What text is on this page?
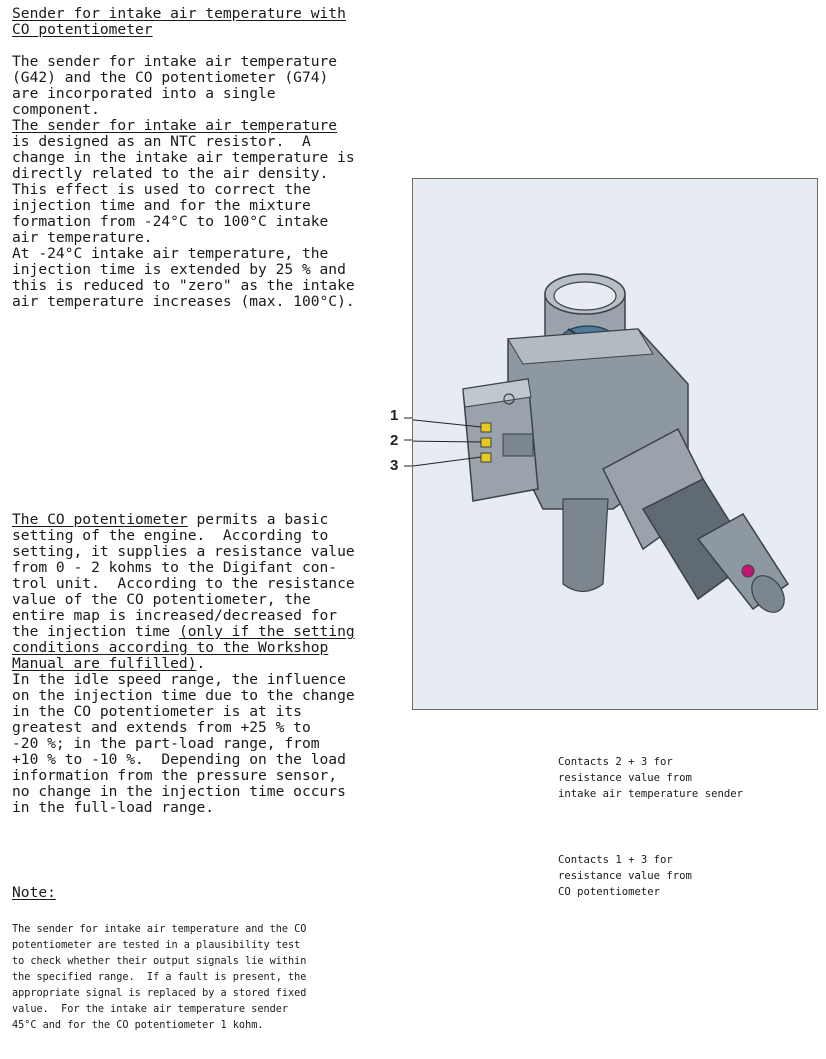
Sender for intake air temperature with

CO potentiometer

The sender for intake air temperature
(G42) and the CO potentiometer (G74)
are incorporated into a single
component.

The sender for intake air temperature

is designed as an NTC resistor.  A
change in the intake air temperature is
directly related to the air density.
This effect is used to correct the
injection time and for the mixture
formation from -24°C to 100°C intake
air temperature.
At -24°C intake air temperature, the
injection time is extended by 25 % and
this is reduced to "zero" as the intake
air temperature increases (max. 100°C).

The CO potentiometer permits a basic
setting of the engine.  According to
setting, it supplies a resistance value
from 0 - 2 kohms to the Digifant con-
trol unit.  According to the resistance
value of the CO potentiometer, the
entire map is increased/decreased for
the injection time (only if the setting
conditions according to the Workshop
Manual are fulfilled).

In the idle speed range, the influence
on the injection time due to the change
in the CO potentiometer is at its
greatest and extends from +25 % to
-20 %; in the part-load range, from
+10 % to -10 %.  Depending on the load
information from the pressure sensor,
no change in the injection time occurs
in the full-load range.

Note:

The sender for intake air temperature and the CO
potentiometer are tested in a plausibility test
to check whether their output signals lie within
the specified range.  If a fault is present, the
appropriate signal is replaced by a stored fixed
value.  For the intake air temperature sender
45°C and for the CO potentiometer 1 kohm.

1
2
3

Contacts 2 + 3 for
resistance value from
intake air temperature sender

Contacts 1 + 3 for
resistance value from
CO potentiometer
